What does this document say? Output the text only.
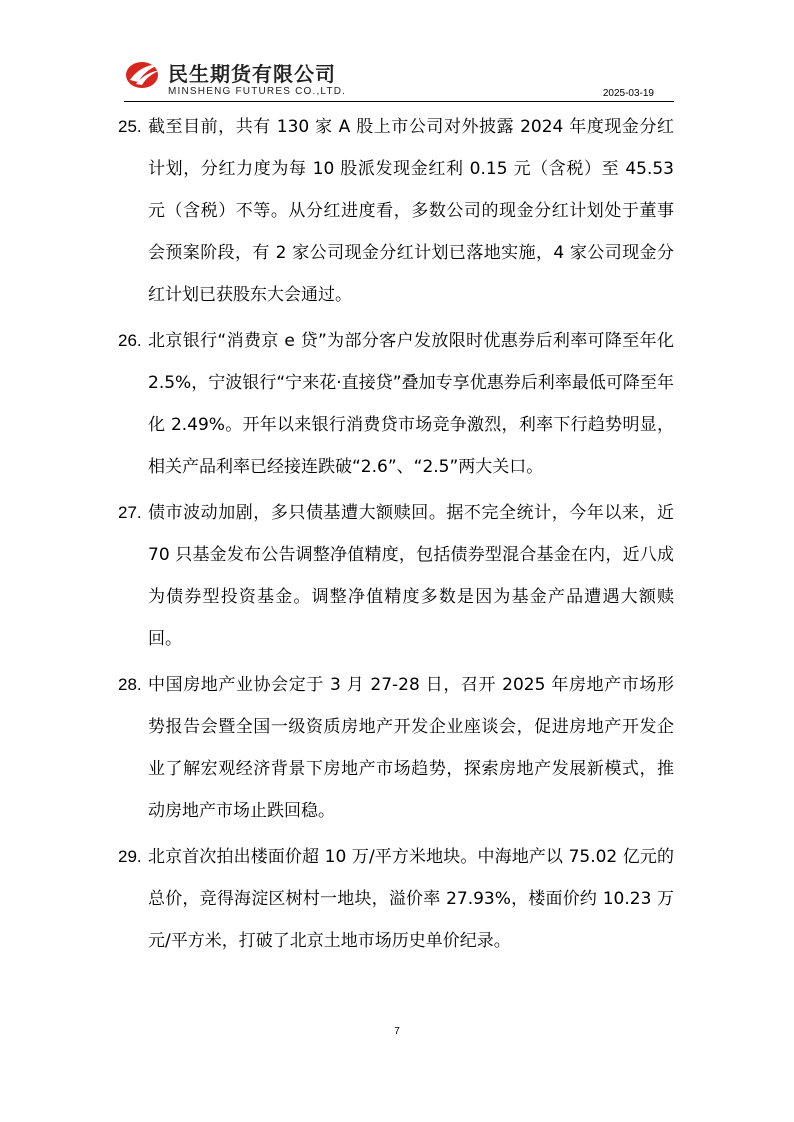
民生期货有限公司
MINSHENG FUTURES CO.,LTD.	2025-03-19
25. 截至目前，共有 130 家 A 股上市公司对外披露 2024 年度现金分红计划，分红力度为每 10 股派发现金红利 0.15 元（含税）至 45.53 元（含税）不等。从分红进度看，多数公司的现金分红计划处于董事会预案阶段，有 2 家公司现金分红计划已落地实施，4 家公司现金分红计划已获股东大会通过。

26. 北京银行“消费京 e 贷”为部分客户发放限时优惠券后利率可降至年化 2.5%，宁波银行“宁来花·直接贷”叠加专享优惠券后利率最低可降至年化 2.49%。开年以来银行消费贷市场竞争激烈，利率下行趋势明显，相关产品利率已经接连跌破“2.6”、“2.5”两大关口。

27. 债市波动加剧，多只债基遭大额赎回。据不完全统计，今年以来，近 70 只基金发布公告调整净值精度，包括债券型混合基金在内，近八成为债券型投资基金。调整净值精度多数是因为基金产品遭遇大额赎回。

28. 中国房地产业协会定于 3 月 27-28 日，召开 2025 年房地产市场形势报告会暨全国一级资质房地产开发企业座谈会，促进房地产开发企业了解宏观经济背景下房地产市场趋势，探索房地产发展新模式，推动房地产市场止跌回稳。

29. 北京首次拍出楼面价超 10 万/平方米地块。中海地产以 75.02 亿元的总价，竞得海淀区树村一地块，溢价率 27.93%，楼面价约 10.23 万元/平方米，打破了北京土地市场历史单价纪录。

7
